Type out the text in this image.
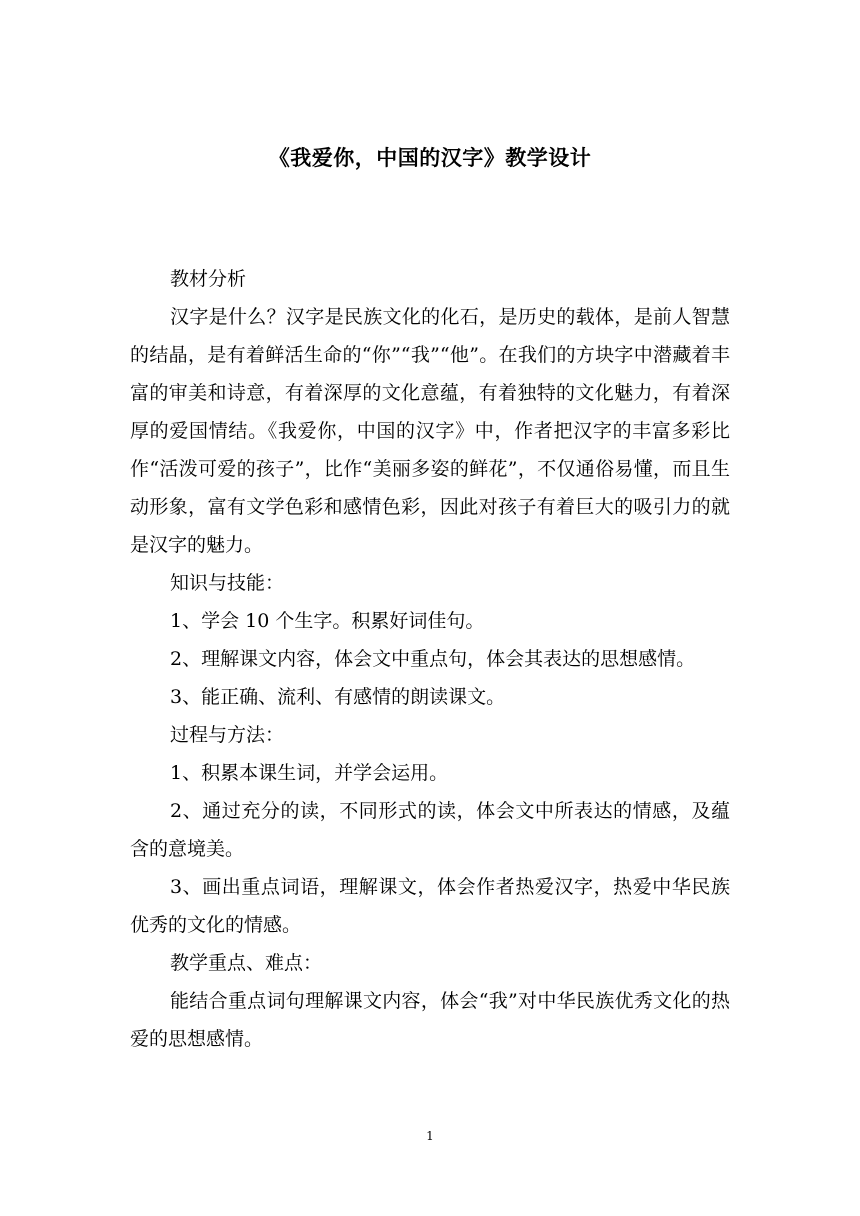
《我爱你，中国的汉字》教学设计

教材分析

汉字是什么？汉字是民族文化的化石，是历史的载体，是前人智慧的结晶，是有着鲜活生命的“你”“我”“他”。在我们的方块字中潜藏着丰富的审美和诗意，有着深厚的文化意蕴，有着独特的文化魅力，有着深厚的爱国情结。《我爱你，中国的汉字》中，作者把汉字的丰富多彩比作“活泼可爱的孩子”，比作“美丽多姿的鲜花”，不仅通俗易懂，而且生动形象，富有文学色彩和感情色彩，因此对孩子有着巨大的吸引力的就是汉字的魅力。

知识与技能：

1、学会 10 个生字。积累好词佳句。

2、理解课文内容，体会文中重点句，体会其表达的思想感情。

3、能正确、流利、有感情的朗读课文。

过程与方法：

1、积累本课生词，并学会运用。

2、通过充分的读，不同形式的读，体会文中所表达的情感，及蕴含的意境美。

3、画出重点词语，理解课文，体会作者热爱汉字，热爱中华民族优秀的文化的情感。

教学重点、难点：

能结合重点词句理解课文内容，体会“我”对中华民族优秀文化的热爱的思想感情。

1
